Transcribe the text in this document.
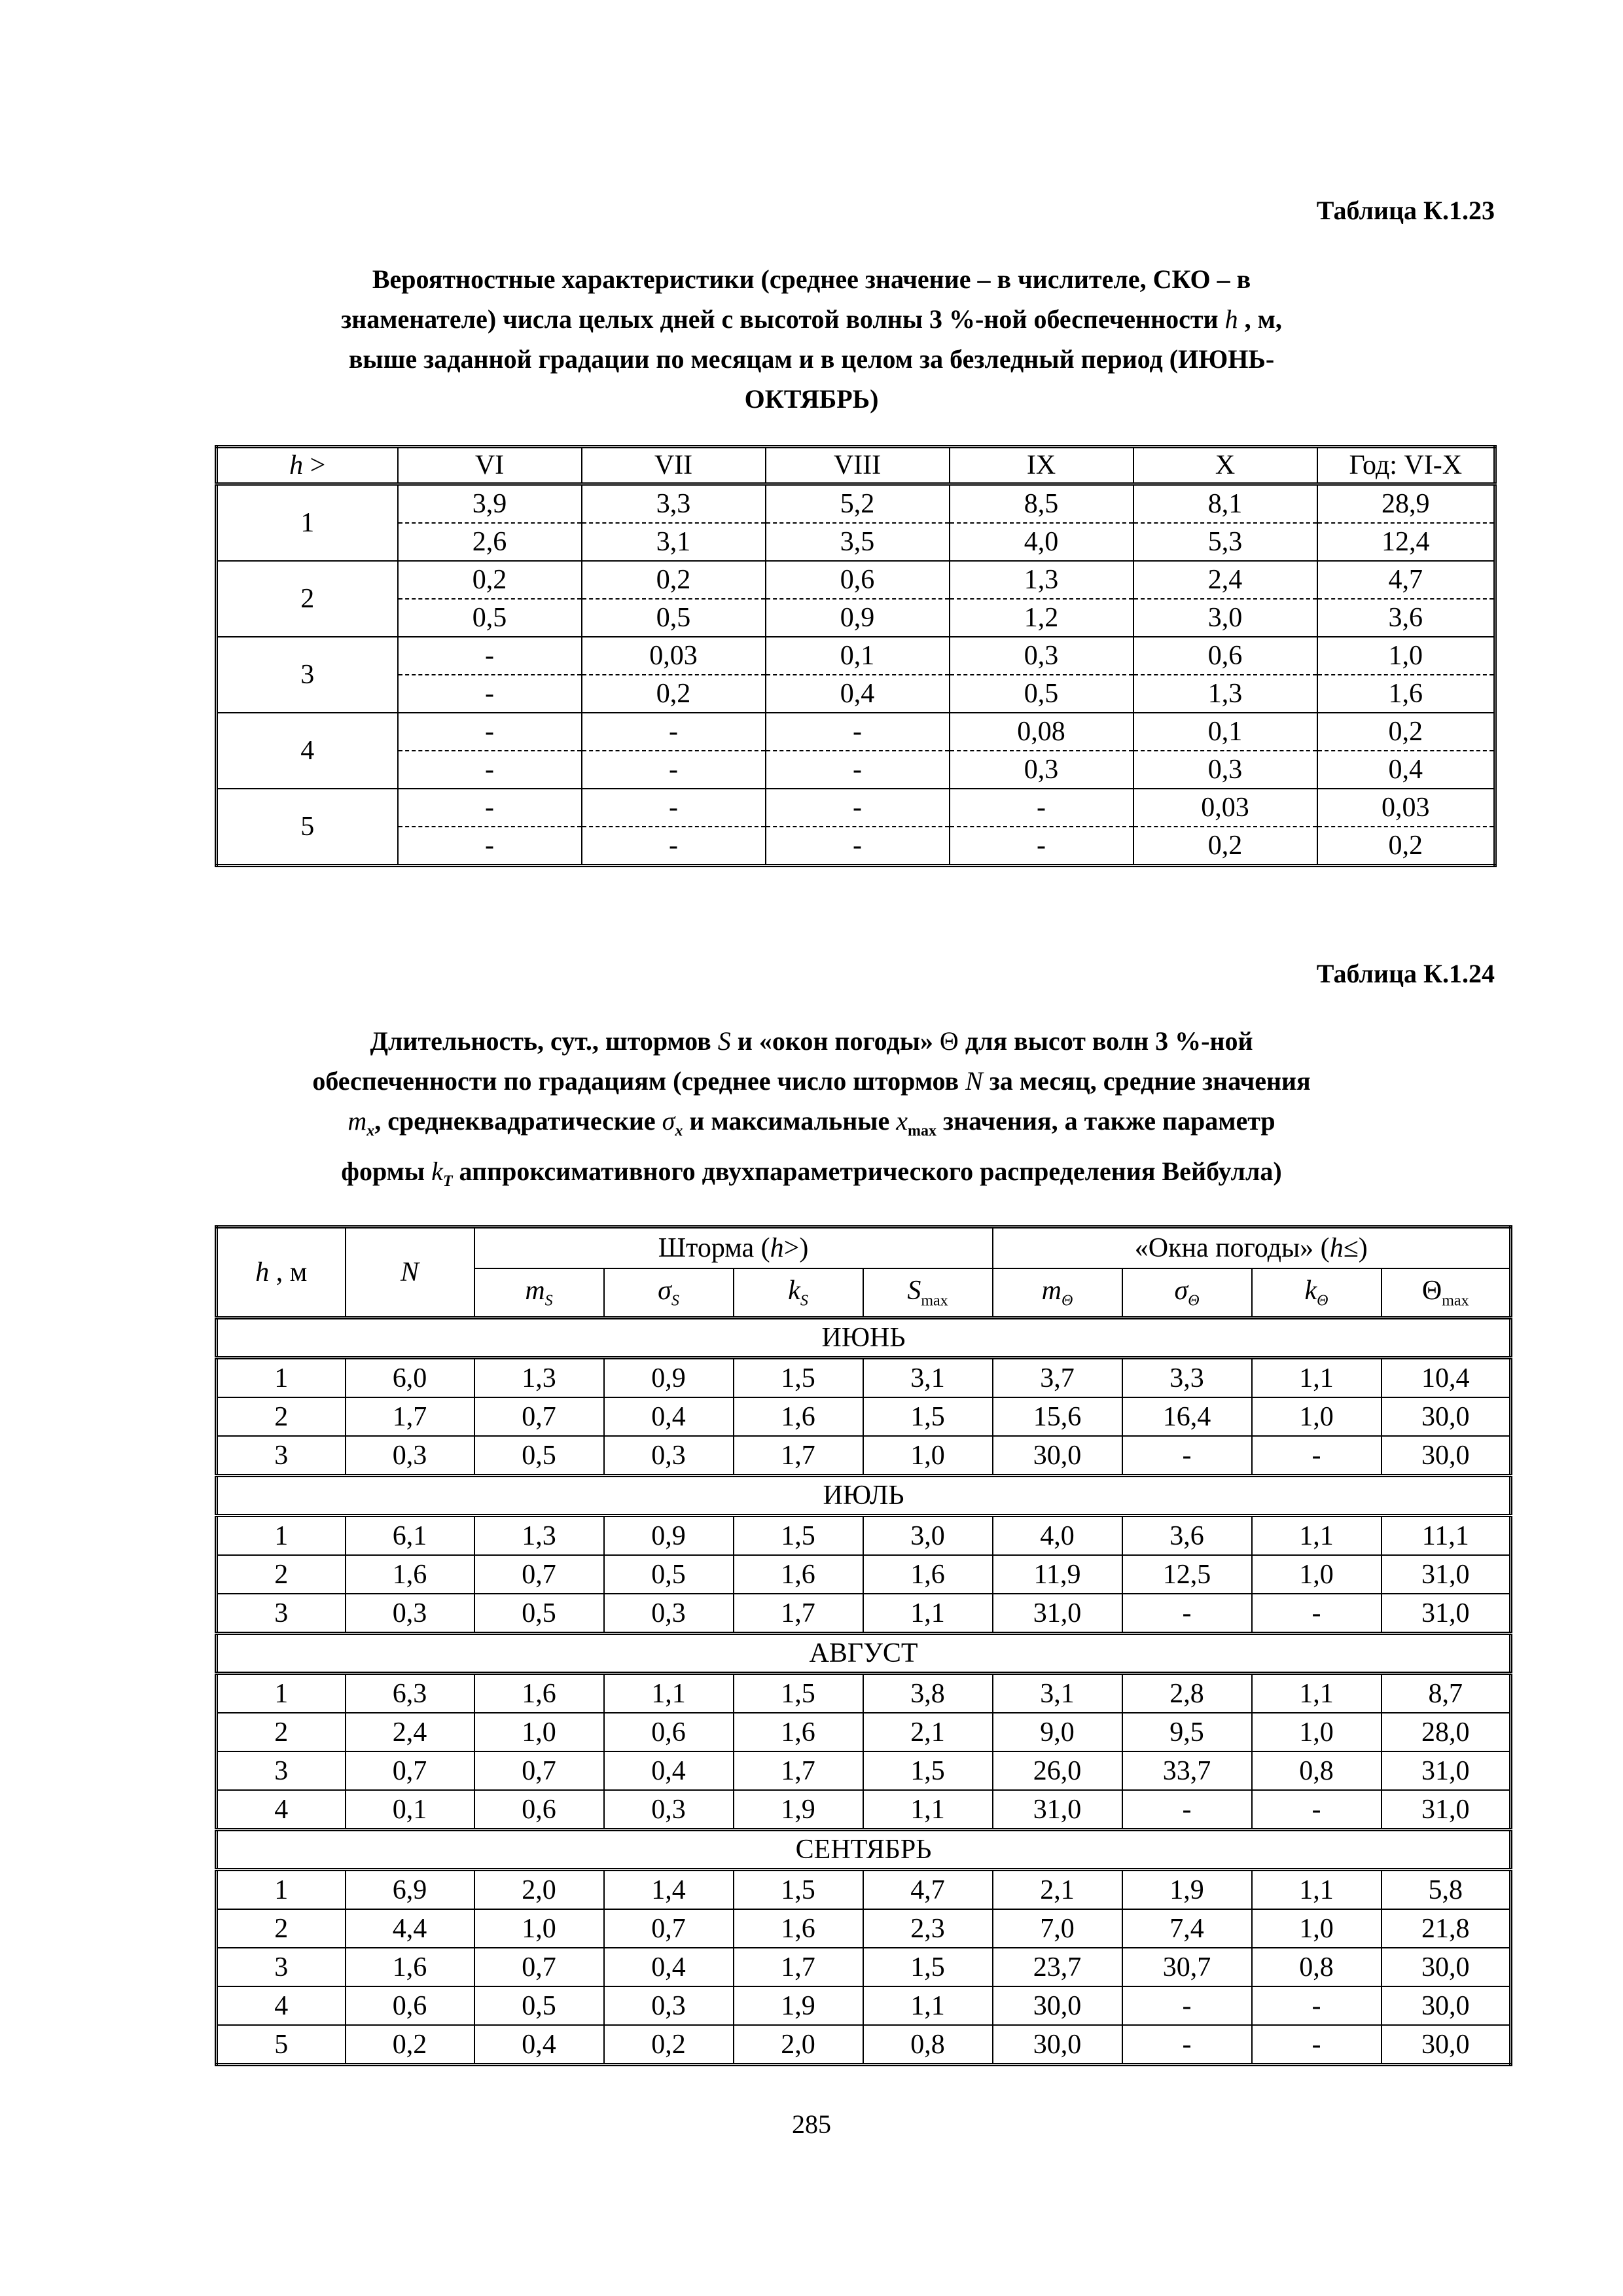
Таблица К.1.23
Вероятностные характеристики (среднее значение – в числителе, СКО – в
знаменателе) числа целых дней с высотой волны 3 %-ной обеспеченности h , м,
выше заданной градации по месяцам и в целом за безледный период (ИЮНЬ-
ОКТЯБРЬ)
h >	VI	VII	VIII	IX	X	Год: VI-X
1	3,9	3,3	5,2	8,5	8,1	28,9
	2,6	3,1	3,5	4,0	5,3	12,4
2	0,2	0,2	0,6	1,3	2,4	4,7
	0,5	0,5	0,9	1,2	3,0	3,6
3	-	0,03	0,1	0,3	0,6	1,0
	-	0,2	0,4	0,5	1,3	1,6
4	-	-	-	0,08	0,1	0,2
	-	-	-	0,3	0,3	0,4
5	-	-	-	-	0,03	0,03
	-	-	-	-	0,2	0,2
Таблица К.1.24
Длительность, сут., штормов S и «окон погоды» Θ для высот волн 3 %-ной
обеспеченности по градациям (среднее число штормов N за месяц, средние значения
$m_x$, среднеквадратические $\sigma_x$ и максимальные $x_{max}$ значения, а также параметр
формы $k_T$ аппроксимативного двухпараметрического распределения Вейбулла)
h , м	N	Шторма (h>)				«Окна погоды» (h≤)			
		$m_S$	$\sigma_S$	$k_S$	$S_{max}$	$m_\Theta$	$\sigma_\Theta$	$k_\Theta$	$\Theta_{max}$
ИЮНЬ									
1	6,0	1,3	0,9	1,5	3,1	3,7	3,3	1,1	10,4
2	1,7	0,7	0,4	1,6	1,5	15,6	16,4	1,0	30,0
3	0,3	0,5	0,3	1,7	1,0	30,0	-	-	30,0
ИЮЛЬ									
1	6,1	1,3	0,9	1,5	3,0	4,0	3,6	1,1	11,1
2	1,6	0,7	0,5	1,6	1,6	11,9	12,5	1,0	31,0
3	0,3	0,5	0,3	1,7	1,1	31,0	-	-	31,0
АВГУСТ									
1	6,3	1,6	1,1	1,5	3,8	3,1	2,8	1,1	8,7
2	2,4	1,0	0,6	1,6	2,1	9,0	9,5	1,0	28,0
3	0,7	0,7	0,4	1,7	1,5	26,0	33,7	0,8	31,0
4	0,1	0,6	0,3	1,9	1,1	31,0	-	-	31,0
СЕНТЯБРЬ									
1	6,9	2,0	1,4	1,5	4,7	2,1	1,9	1,1	5,8
2	4,4	1,0	0,7	1,6	2,3	7,0	7,4	1,0	21,8
3	1,6	0,7	0,4	1,7	1,5	23,7	30,7	0,8	30,0
4	0,6	0,5	0,3	1,9	1,1	30,0	-	-	30,0
5	0,2	0,4	0,2	2,0	0,8	30,0	-	-	30,0
285
